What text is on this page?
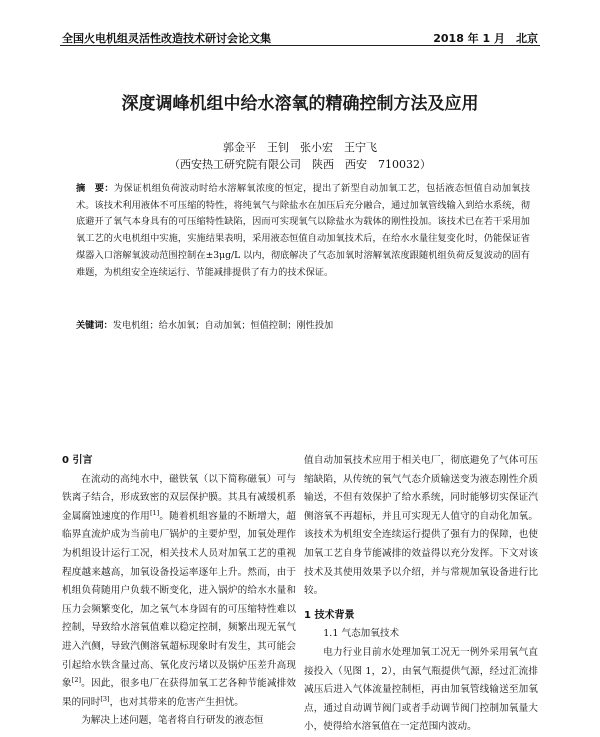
全国火电机组灵活性改造技术研讨会论文集	2018 年 1 月　北京
深度调峰机组中给水溶氧的精确控制方法及应用
郭金平　王钊　张小宏　王宁飞
（西安热工研究院有限公司　陕西　西安　710032）
摘　要：为保证机组负荷波动时给水溶解氧浓度的恒定，提出了新型自动加氧工艺，包括液态恒值自动加氧技术。该技术利用液体不可压缩的特性，将纯氧气与除盐水在加压后充分融合，通过加氧管线输入到给水系统，彻底避开了氧气本身具有的可压缩特性缺陷，因而可实现氧气以除盐水为载体的刚性投加。该技术已在若干采用加氧工艺的火电机组中实施，实施结果表明，采用液态恒值自动加氧技术后，在给水水量往复变化时，仍能保证省煤器入口溶解氧波动范围控制在±3μg/L 以内，彻底解决了气态加氧时溶解氧浓度跟随机组负荷反复波动的固有难题，为机组安全连续运行、节能减排提供了有力的技术保证。
关键词：发电机组；给水加氧；自动加氧；恒值控制；刚性投加

0 引言

在流动的高纯水中，磁铁氧（以下简称磁氧）可与铁离子结合，形成致密的双层保护膜。其具有减缓机系金属腐蚀速度的作用[1]。随着机组容量的不断增大，超临界直流炉成为当前电厂锅炉的主要炉型，加氧处理作为机组设计运行工况，相关技术人员对加氧工艺的重视程度越来越高，加氧设备投运率逐年上升。然而，由于机组负荷随用户负载不断变化，进入锅炉的给水水量和压力会频繁变化，加之氧气本身固有的可压缩特性难以控制，导致给水溶氧值难以稳定控制，频繁出现无氧气进入汽侧，导致汽侧溶氧超标现象时有发生，其可能会引起给水铁含量过高、氧化皮污堵以及锅炉压差升高现象[2]。因此，很多电厂在获得加氧工艺各种节能减排效果的同时[3]，也对其带来的危害产生担忧。

为解决上述问题，笔者将自行研发的液态恒

值自动加氧技术应用于相关电厂，彻底避免了气体可压缩缺陷，从传统的氧气气态介质输送变为液态刚性介质输送，不但有效保护了给水系统，同时能够切实保证汽侧溶氧不再超标，并且可实现无人值守的自动化加氧。该技术为机组安全连续运行提供了强有力的保障，也使加氧工艺自身节能减排的效益得以充分发挥。下文对该技术及其使用效果予以介绍，并与常规加氧设备进行比较。

1 技术背景

1.1 气态加氧技术

电力行业目前水处理加氧工况无一例外采用氧气直接投入（见图 1，2），由氧气瓶提供气源，经过汇流排减压后进入气体流量控制柜，再由加氧管线输送至加氧点，通过自动调节阀门或者手动调节阀门控制加氧量大小，使得给水溶氧值在一定范围内波动。
